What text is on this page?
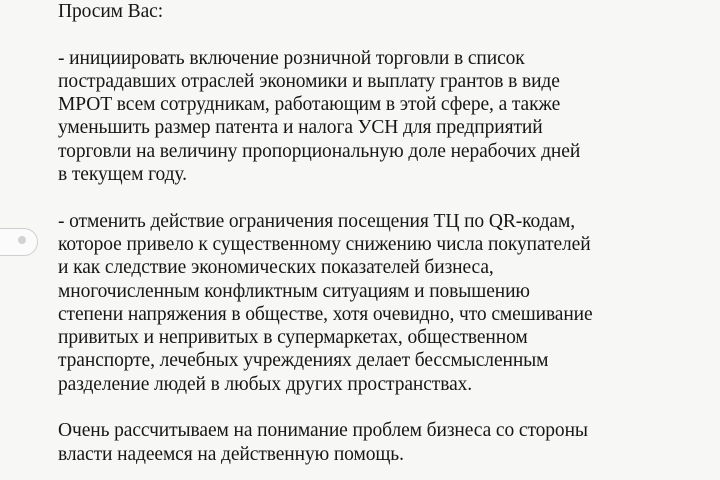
Просим Вас:
- инициировать включение розничной торговли в список
пострадавших отраслей экономики и выплату грантов в виде
МРОТ всем сотрудникам, работающим в этой сфере, а также
уменьшить размер патента и налога УСН для предприятий
торговли на величину пропорциональную доле нерабочих дней
в текущем году.
- отменить действие ограничения посещения ТЦ по QR-кодам,
которое привело к существенному снижению числа покупателей
и как следствие экономических показателей бизнеса,
многочисленным конфликтным ситуациям и повышению
степени напряжения в обществе, хотя очевидно, что смешивание
привитых и непривитых в супермаркетах, общественном
транспорте, лечебных учреждениях делает бессмысленным
разделение людей в любых других пространствах.
Очень рассчитываем на понимание проблем бизнеса со стороны
власти надеемся на действенную помощь.
